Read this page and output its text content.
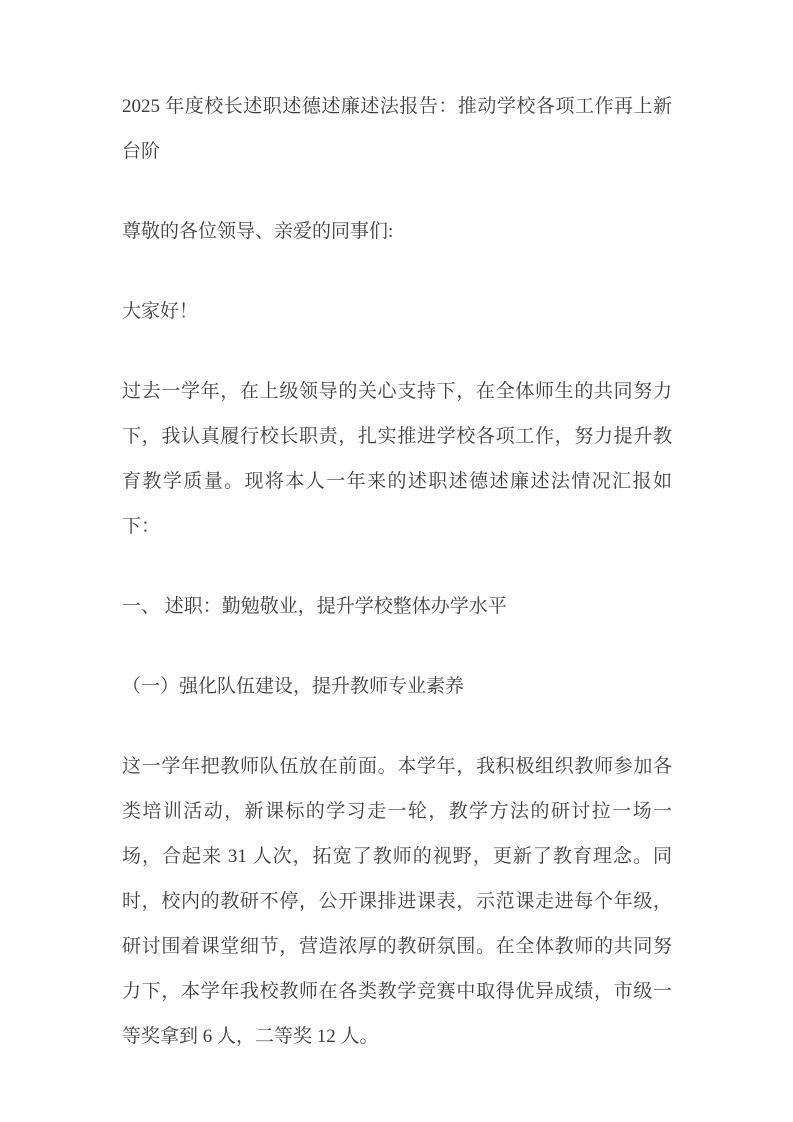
2025 年度校长述职述德述廉述法报告：推动学校各项工作再上新台阶

尊敬的各位领导、亲爱的同事们:

大家好！

过去一学年，在上级领导的关心支持下，在全体师生的共同努力下，我认真履行校长职责，扎实推进学校各项工作，努力提升教育教学质量。现将本人一年来的述职述德述廉述法情况汇报如下：

一、 述职：勤勉敬业，提升学校整体办学水平

（一）强化队伍建设，提升教师专业素养

这一学年把教师队伍放在前面。本学年，我积极组织教师参加各类培训活动，新课标的学习走一轮，教学方法的研讨拉一场一场，合起来 31 人次，拓宽了教师的视野，更新了教育理念。同时，校内的教研不停，公开课排进课表，示范课走进每个年级，研讨围着课堂细节，营造浓厚的教研氛围。在全体教师的共同努力下，本学年我校教师在各类教学竞赛中取得优异成绩，市级一等奖拿到 6 人，二等奖 12 人。
